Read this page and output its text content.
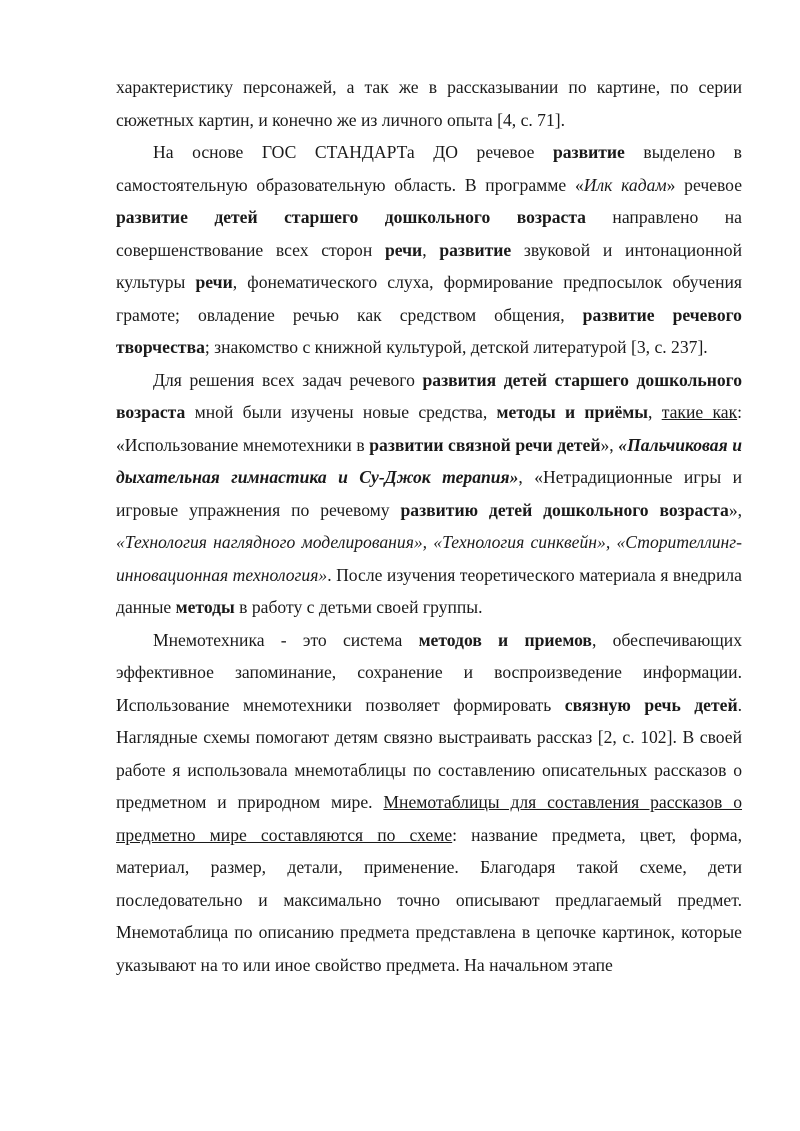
характеристику персонажей, а так же в рассказывании по картине, по серии сюжетных картин, и конечно же из личного опыта [4, с. 71].

На основе ГОС СТАНДАРТа ДО речевое развитие выделено в самостоятельную образовательную область. В программе «Илк кадам» речевое развитие детей старшего дошкольного возраста направлено на совершенствование всех сторон речи, развитие звуковой и интонационной культуры речи, фонематического слуха, формирование предпосылок обучения грамоте; овладение речью как средством общения, развитие речевого творчества; знакомство с книжной культурой, детской литературой [3, с. 237].

Для решения всех задач речевого развития детей старшего дошкольного возраста мной были изучены новые средства, методы и приёмы, такие как: «Использование мнемотехники в развитии связной речи детей», «Пальчиковая и дыхательная гимнастика и Су-Джок терапия», «Нетрадиционные игры и игровые упражнения по речевому развитию детей дошкольного возраста», «Технология наглядного моделирования», «Технология синквейн», «Сторителлинг-инновационная технология». После изучения теоретического материала я внедрила данные методы в работу с детьми своей группы.

Мнемотехника - это система методов и приемов, обеспечивающих эффективное запоминание, сохранение и воспроизведение информации. Использование мнемотехники позволяет формировать связную речь детей. Наглядные схемы помогают детям связно выстраивать рассказ [2, с. 102]. В своей работе я использовала мнемотаблицы по составлению описательных рассказов о предметном и природном мире. Мнемотаблицы для составления рассказов о предметно мире составляются по схеме: название предмета, цвет, форма, материал, размер, детали, применение. Благодаря такой схеме, дети последовательно и максимально точно описывают предлагаемый предмет. Мнемотаблица по описанию предмета представлена в цепочке картинок, которые указывают на то или иное свойство предмета. На начальном этапе
